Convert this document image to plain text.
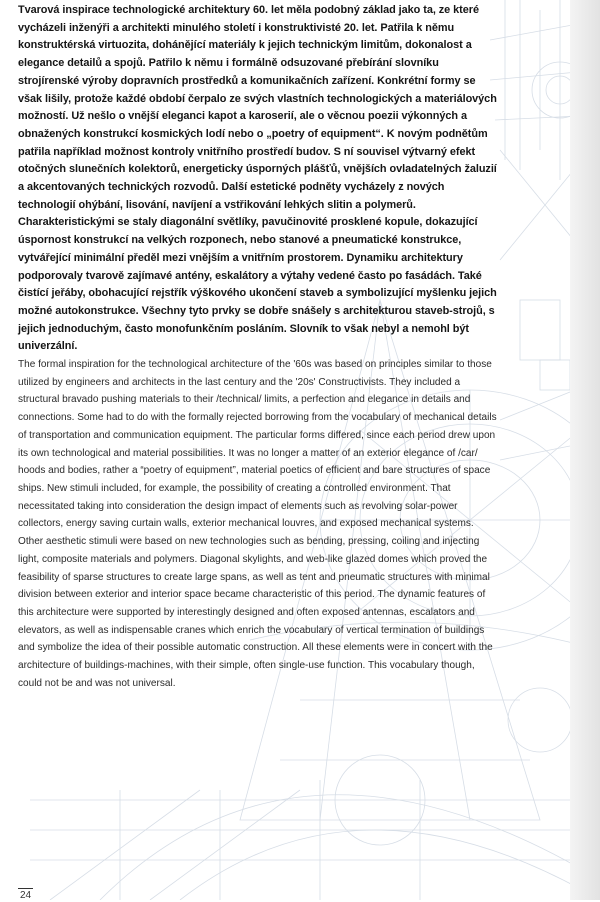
Tvarová inspirace technologické architektury 60. let měla podobný základ jako ta, ze které vycházeli inženýři a architekti minulého století i konstruktivisté 20. let. Patřila k němu konstruktérská virtuozita, dohánějící materiály k jejich technickým limitům, dokonalost a elegance detailů a spojů. Patřilo k němu i formálně odsuzované přebírání slovníku strojírenské výroby dopravních prostředků a komunikačních zařízení. Konkrétní formy se však lišily, protože každé období čerpalo ze svých vlastních technologických a materiálových možností. Už nešlo o vnější eleganci kapot a karoserií, ale o věcnou poezii výkonných a obnažených konstrukcí kosmických lodí nebo o „poetry of equipment“. K novým podnětům patřila například možnost kontroly vnitřního prostředí budov. S ní souvisel výtvarný efekt otočných slunečních kolektorů, energeticky úsporných plášťů, vnějších ovladatelných žaluzií a akcentovaných technických rozvodů. Další estetické podněty vycházely z nových technologií ohýbání, lisování, navíjení a vstřikování lehkých slitin a polymerů. Charakteristickými se staly diagonální světlíky, pavučinovité prosklené kopule, dokazující úspornost konstrukcí na velkých rozponech, nebo stanové a pneumatické konstrukce, vytvářející minimální předěl mezi vnějším a vnitřním prostorem. Dynamiku architektury podporovaly tvarově zajímavé antény, eskalátory a výtahy vedené často po fasádách. Také čistící jeřáby, obohacující rejstřík výškového ukončení staveb a symbolizující myšlenku jejich možné autokonstrukce. Všechny tyto prvky se dobře snášely s architekturou staveb-strojů, s jejich jednoduchým, často monofunkčním posláním. Slovník to však nebyl a nemohl být univerzální.

The formal inspiration for the technological architecture of the '60s was based on principles similar to those utilized by engineers and architects in the last century and the '20s' Constructivists. They included a structural bravado pushing materials to their /technical/ limits, a perfection and elegance in details and connections. Some had to do with the formally rejected borrowing from the vocabulary of mechanical details of transportation and communication equipment. The particular forms differed, since each period drew upon its own technological and material possibilities. It was no longer a matter of an exterior elegance of /car/ hoods and bodies, rather a “poetry of equipment”, material poetics of efficient and bare structures of space ships. New stimuli included, for example, the possibility of creating a controlled environment. That necessitated taking into consideration the design impact of elements such as revolving solar-power collectors, energy saving curtain walls, exterior mechanical louvres, and exposed mechanical systems. Other aesthetic stimuli were based on new technologies such as bending, pressing, coiling and injecting light, composite materials and polymers. Diagonal skylights, and web-like glazed domes which proved the feasibility of sparse structures to create large spans, as well as tent and pneumatic structures with minimal division between exterior and interior space became characteristic of this period. The dynamic features of this architecture were supported by interestingly designed and often exposed antennas, escalators and elevators, as well as indispensable cranes which enrich the vocabulary of vertical termination of buildings and symbolize the idea of their possible automatic construction. All these elements were in concert with the architecture of buildings-machines, with their simple, often single-use function. This vocabulary though, could not be and was not universal.

24
